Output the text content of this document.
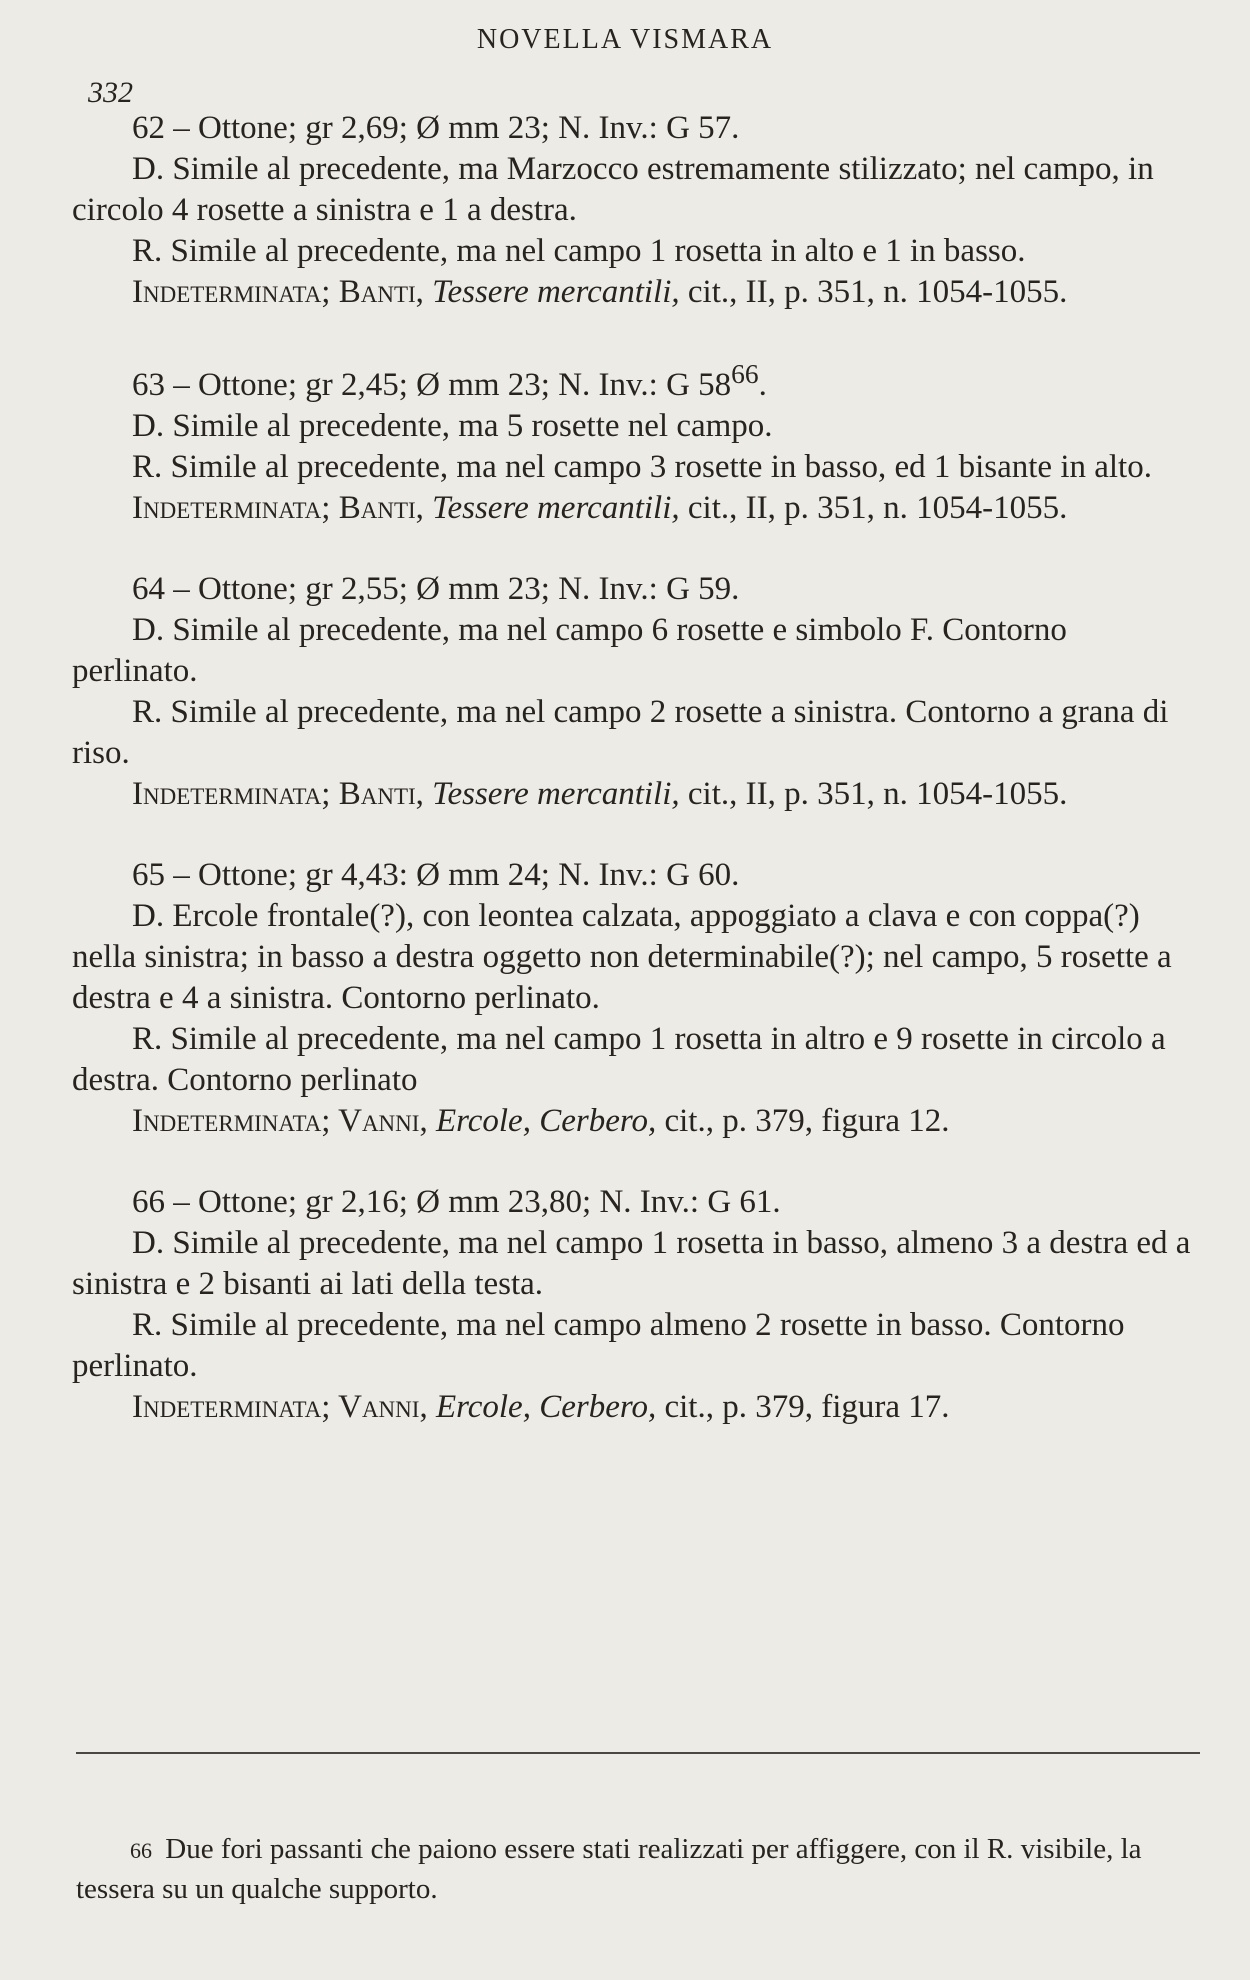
NOVELLA VISMARA
332

62 – Ottone; gr 2,69; Ø mm 23; N. Inv.: G 57.

D. Simile al precedente, ma Marzocco estremamente stilizzato; nel campo, in circolo 4 rosette a sinistra e 1 a destra.

R. Simile al precedente, ma nel campo 1 rosetta in alto e 1 in basso.

Indeterminata; Banti, Tessere mercantili, cit., II, p. 351, n. 1054-1055.

63 – Ottone; gr 2,45; Ø mm 23; N. Inv.: G $58^{66}$.

D. Simile al precedente, ma 5 rosette nel campo.

R. Simile al precedente, ma nel campo 3 rosette in basso, ed 1 bisante in alto.

Indeterminata; Banti, Tessere mercantili, cit., II, p. 351, n. 1054-1055.

64 – Ottone; gr 2,55; Ø mm 23; N. Inv.: G 59.

D. Simile al precedente, ma nel campo 6 rosette e simbolo F. Contorno perlinato.

R. Simile al precedente, ma nel campo 2 rosette a sinistra. Contorno a grana di riso.

Indeterminata; Banti, Tessere mercantili, cit., II, p. 351, n. 1054-1055.

65 – Ottone; gr 4,43: Ø mm 24; N. Inv.: G 60.

D. Ercole frontale(?), con leontea calzata, appoggiato a clava e con coppa(?) nella sinistra; in basso a destra oggetto non determinabile(?); nel campo, 5 rosette a destra e 4 a sinistra. Contorno perlinato.

R. Simile al precedente, ma nel campo 1 rosetta in altro e 9 rosette in circolo a destra. Contorno perlinato

Indeterminata; Vanni, Ercole, Cerbero, cit., p. 379, figura 12.

66 – Ottone; gr 2,16; Ø mm 23,80; N. Inv.: G 61.

D. Simile al precedente, ma nel campo 1 rosetta in basso, almeno 3 a destra ed a sinistra e 2 bisanti ai lati della testa.

R. Simile al precedente, ma nel campo almeno 2 rosette in basso. Contorno perlinato.

Indeterminata; Vanni, Ercole, Cerbero, cit., p. 379, figura 17.

66 Due fori passanti che paiono essere stati realizzati per affiggere, con il R. visibile, la tessera su un qualche supporto.
